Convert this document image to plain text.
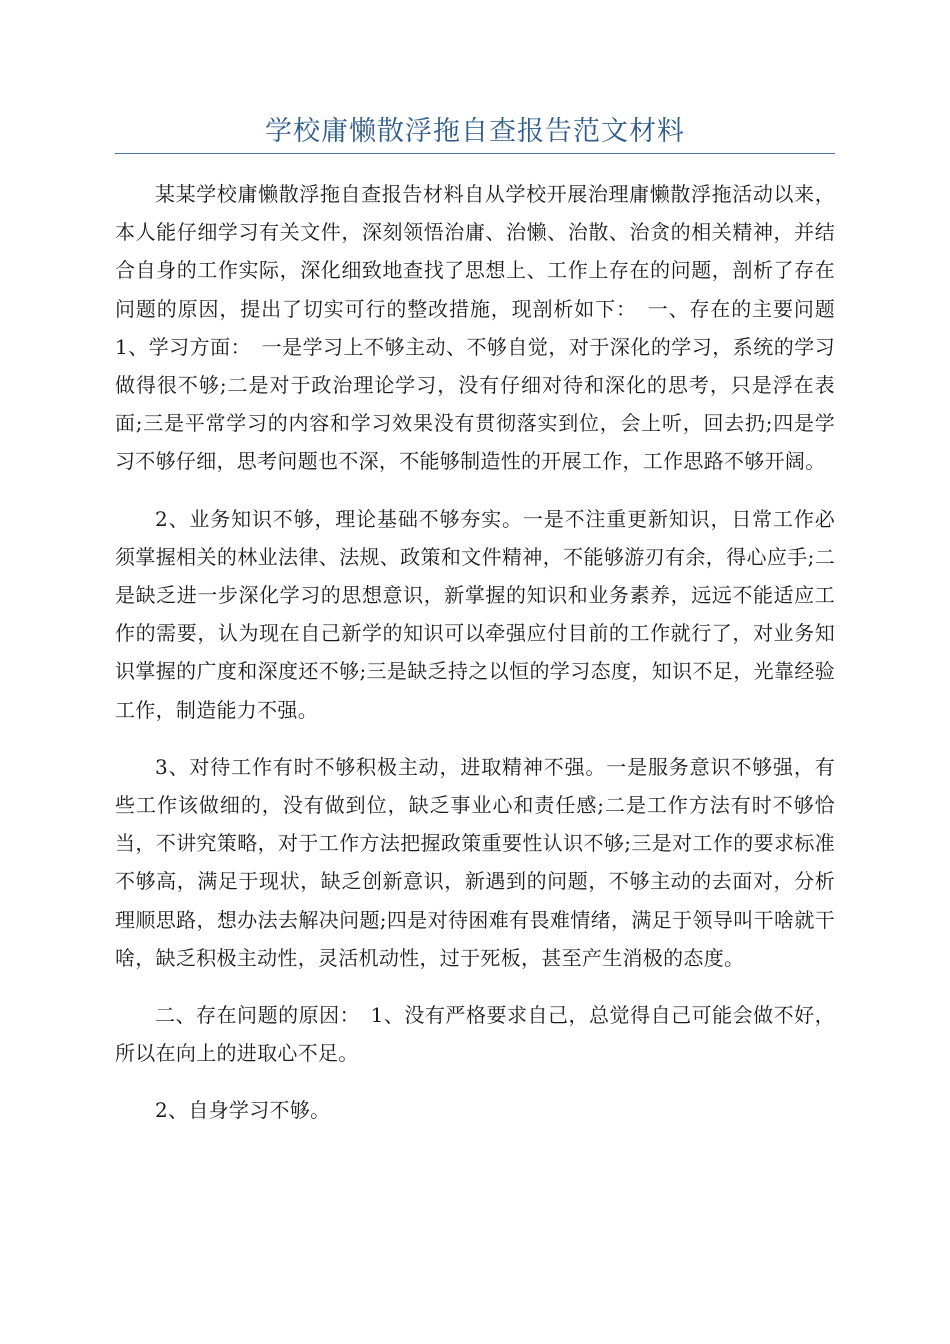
学校庸懒散浮拖自查报告范文材料

某某学校庸懒散浮拖自查报告材料自从学校开展治理庸懒散浮拖活动以来，本人能仔细学习有关文件，深刻领悟治庸、治懒、治散、治贪的相关精神，并结合自身的工作实际，深化细致地查找了思想上、工作上存在的问题，剖析了存在问题的原因，提出了切实可行的整改措施，现剖析如下：　一、存在的主要问题 1、学习方面：　一是学习上不够主动、不够自觉，对于深化的学习，系统的学习做得很不够;二是对于政治理论学习，没有仔细对待和深化的思考，只是浮在表面;三是平常学习的内容和学习效果没有贯彻落实到位，会上听，回去扔;四是学习不够仔细，思考问题也不深，不能够制造性的开展工作，工作思路不够开阔。

2、业务知识不够，理论基础不够夯实。一是不注重更新知识，日常工作必须掌握相关的林业法律、法规、政策和文件精神，不能够游刃有余，得心应手;二是缺乏进一步深化学习的思想意识，新掌握的知识和业务素养，远远不能适应工作的需要，认为现在自己新学的知识可以牵强应付目前的工作就行了，对业务知识掌握的广度和深度还不够;三是缺乏持之以恒的学习态度，知识不足，光靠经验工作，制造能力不强。

3、对待工作有时不够积极主动，进取精神不强。一是服务意识不够强，有些工作该做细的，没有做到位，缺乏事业心和责任感;二是工作方法有时不够恰当，不讲究策略，对于工作方法把握政策重要性认识不够;三是对工作的要求标准不够高，满足于现状，缺乏创新意识，新遇到的问题，不够主动的去面对，分析理顺思路，想办法去解决问题;四是对待困难有畏难情绪，满足于领导叫干啥就干啥，缺乏积极主动性，灵活机动性，过于死板，甚至产生消极的态度。

二、存在问题的原因：　1、没有严格要求自己，总觉得自己可能会做不好，所以在向上的进取心不足。

2、自身学习不够。
